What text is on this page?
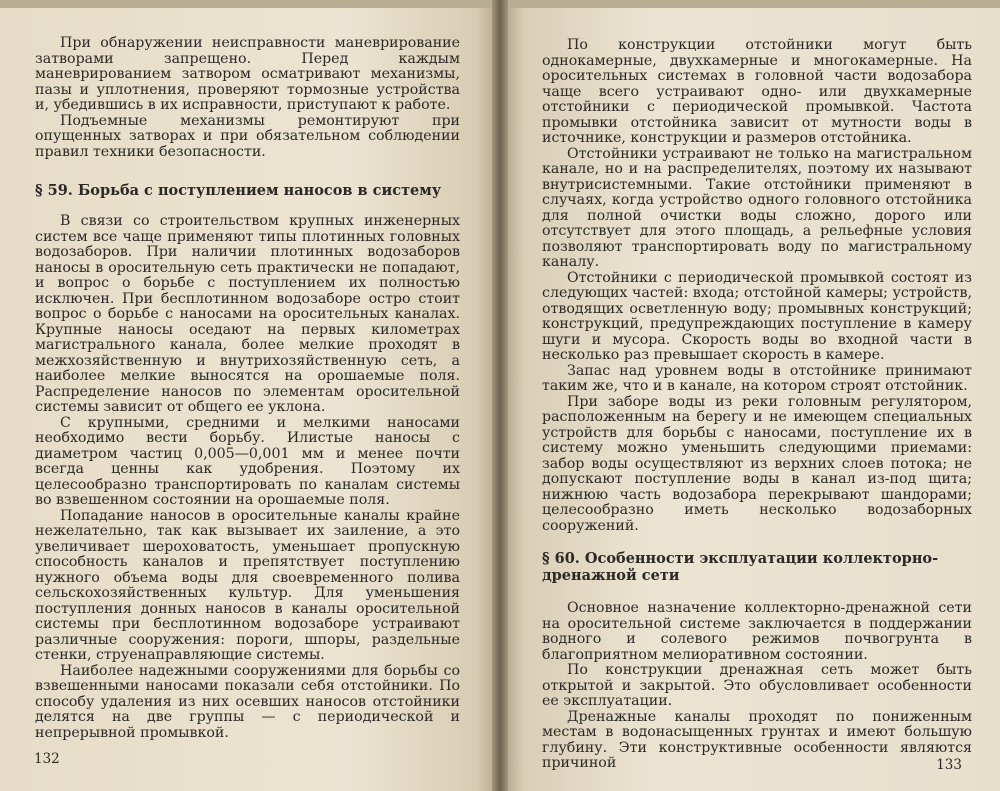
При обнаружении неисправности маневрирование затворами запрещено. Перед каждым маневрированием затвором осматривают механизмы, пазы и уплотнения, проверяют тормозные устройства и, убедившись в их исправности, приступают к работе.

Подъемные механизмы ремонтируют при опущенных затворах и при обязательном соблюдении правил техники безопасности.

§ 59. Борьба с поступлением наносов в систему

В связи со строительством крупных инженерных систем все чаще применяют типы плотинных головных водозаборов. При наличии плотинных водозаборов наносы в оросительную сеть практически не попадают, и вопрос о борьбе с поступлением их полностью исключен. При бесплотинном водозаборе остро стоит вопрос о борьбе с наносами на оросительных каналах. Крупные наносы оседают на первых километрах магистрального канала, более мелкие проходят в межхозяйственную и внутрихозяйственную сеть, а наиболее мелкие выносятся на орошаемые поля. Распределение наносов по элементам оросительной системы зависит от общего ее уклона.

С крупными, средними и мелкими наносами необходимо вести борьбу. Илистые наносы с диаметром частиц 0,005—0,001 мм и менее почти всегда ценны как удобрения. Поэтому их целесообразно транспортировать по каналам системы во взвешенном состоянии на орошаемые поля.

Попадание наносов в оросительные каналы крайне нежелательно, так как вызывает их заиление, а это увеличивает шероховатость, уменьшает пропускную способность каналов и препятствует поступлению нужного объема воды для своевременного полива сельскохозяйственных культур. Для уменьшения поступления донных наносов в каналы оросительной системы при бесплотинном водозаборе устраивают различные сооружения: пороги, шпоры, раздельные стенки, струенаправляющие системы.

Наиболее надежными сооружениями для борьбы со взвешенными наносами показали себя отстойники. По способу удаления из них осевших наносов отстойники делятся на две группы — с периодической и непрерывной промывкой.

132

По конструкции отстойники могут быть однокамерные, двухкамерные и многокамерные. На оросительных системах в головной части водозабора чаще всего устраивают одно- или двухкамерные отстойники с периодической промывкой. Частота промывки отстойника зависит от мутности воды в источнике, конструкции и размеров отстойника.

Отстойники устраивают не только на магистральном канале, но и на распределителях, поэтому их называют внутрисистемными. Такие отстойники применяют в случаях, когда устройство одного головного отстойника для полной очистки воды сложно, дорого или отсутствует для этого площадь, а рельефные условия позволяют транспортировать воду по магистральному каналу.

Отстойники с периодической промывкой состоят из следующих частей: входа; отстойной камеры; устройств, отводящих осветленную воду; промывных конструкций; конструкций, предупреждающих поступление в камеру шуги и мусора. Скорость воды во входной части в несколько раз превышает скорость в камере.

Запас над уровнем воды в отстойнике принимают таким же, что и в канале, на котором строят отстойник.

При заборе воды из реки головным регулятором, расположенным на берегу и не имеющем специальных устройств для борьбы с наносами, поступление их в систему можно уменьшить следующими приемами: забор воды осуществляют из верхних слоев потока; не допускают поступление воды в канал из-под щита; нижнюю часть водозабора перекрывают шандорами; целесообразно иметь несколько водозаборных сооружений.

§ 60. Особенности эксплуатации коллекторно-дренажной сети

Основное назначение коллекторно-дренажной сети на оросительной системе заключается в поддержании водного и солевого режимов почвогрунта в благоприятном мелиоративном состоянии.

По конструкции дренажная сеть может быть открытой и закрытой. Это обусловливает особенности ее эксплуатации.

Дренажные каналы проходят по пониженным местам в водонасыщенных грунтах и имеют большую глубину. Эти конструктивные особенности являются причиной	133
